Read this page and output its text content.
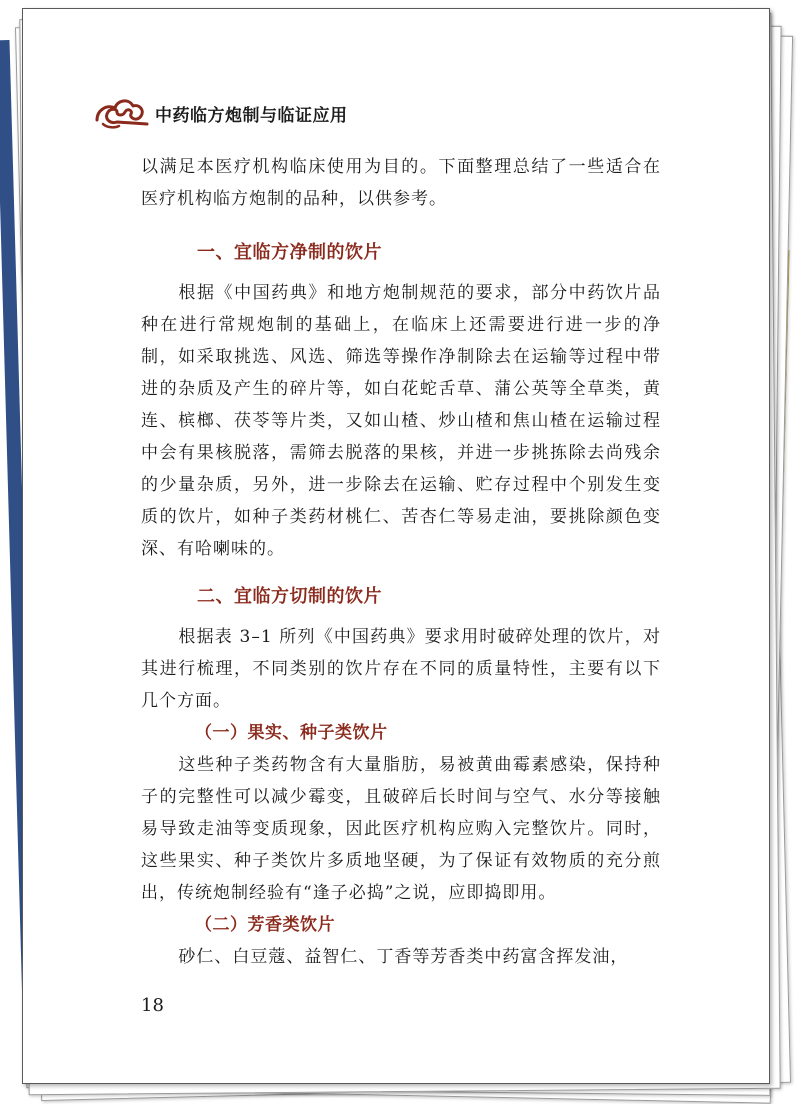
中药临方炮制与临证应用

以满足本医疗机构临床使用为目的。下面整理总结了一些适合在医疗机构临方炮制的品种，以供参考。

一、宜临方净制的饮片

根据《中国药典》和地方炮制规范的要求，部分中药饮片品种在进行常规炮制的基础上，在临床上还需要进行进一步的净制，如采取挑选、风选、筛选等操作净制除去在运输等过程中带进的杂质及产生的碎片等，如白花蛇舌草、蒲公英等全草类，黄连、槟榔、茯苓等片类，又如山楂、炒山楂和焦山楂在运输过程中会有果核脱落，需筛去脱落的果核，并进一步挑拣除去尚残余的少量杂质，另外，进一步除去在运输、贮存过程中个别发生变质的饮片，如种子类药材桃仁、苦杏仁等易走油，要挑除颜色变深、有哈喇味的。

二、宜临方切制的饮片

根据表 3–1 所列《中国药典》要求用时破碎处理的饮片，对其进行梳理，不同类别的饮片存在不同的质量特性，主要有以下几个方面。

（一）果实、种子类饮片

这些种子类药物含有大量脂肪，易被黄曲霉素感染，保持种子的完整性可以减少霉变，且破碎后长时间与空气、水分等接触易导致走油等变质现象，因此医疗机构应购入完整饮片。同时，这些果实、种子类饮片多质地坚硬，为了保证有效物质的充分煎出，传统炮制经验有“逢子必捣”之说，应即捣即用。

（二）芳香类饮片

砂仁、白豆蔻、益智仁、丁香等芳香类中药富含挥发油，

18
